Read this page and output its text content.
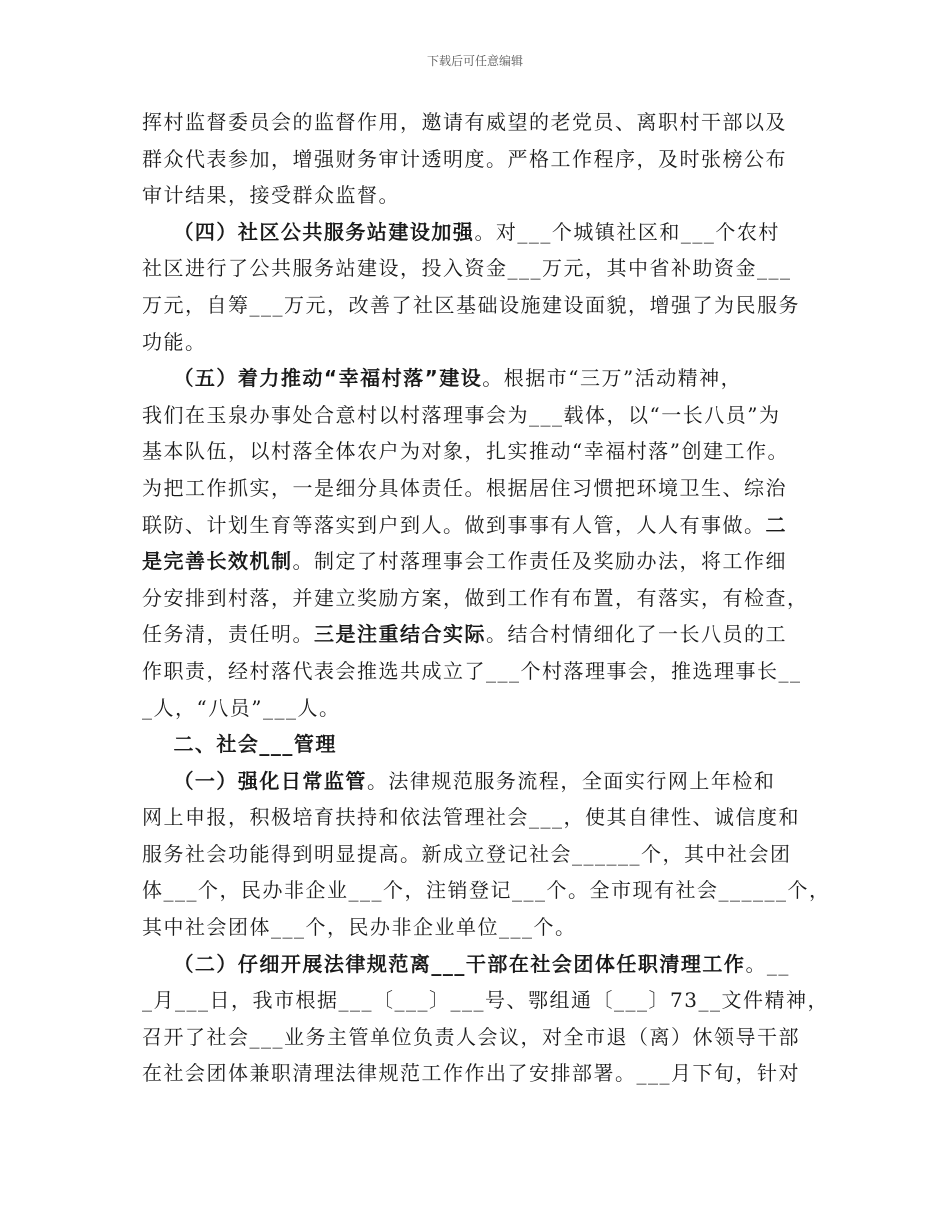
下载后可任意编辑
挥村监督委员会的监督作用，邀请有威望的老党员、离职村干部以及
群众代表参加，增强财务审计透明度。严格工作程序，及时张榜公布
审计结果，接受群众监督。
（四）社区公共服务站建设加强。对___个城镇社区和___个农村
社区进行了公共服务站建设，投入资金___万元，其中省补助资金___
万元，自筹___万元，改善了社区基础设施建设面貌，增强了为民服务
功能。
（五）着力推动“幸福村落”建设。根据市“三万”活动精神，
我们在玉泉办事处合意村以村落理事会为___载体，以“一长八员”为
基本队伍，以村落全体农户为对象，扎实推动“幸福村落”创建工作。
为把工作抓实，一是细分具体责任。根据居住习惯把环境卫生、综治
联防、计划生育等落实到户到人。做到事事有人管，人人有事做。二
是完善长效机制。制定了村落理事会工作责任及奖励办法，将工作细
分安排到村落，并建立奖励方案，做到工作有布置，有落实，有检查，
任务清，责任明。三是注重结合实际。结合村情细化了一长八员的工
作职责，经村落代表会推选共成立了___个村落理事会，推选理事长__
_人，“八员”___人。
二、社会___管理
（一）强化日常监管。法律规范服务流程，全面实行网上年检和
网上申报，积极培育扶持和依法管理社会___，使其自律性、诚信度和
服务社会功能得到明显提高。新成立登记社会______个，其中社会团
体___个，民办非企业___个，注销登记___个。全市现有社会______个，
其中社会团体___个，民办非企业单位___个。
（二）仔细开展法律规范离___干部在社会团体任职清理工作。__
_月___日，我市根据___〔___〕___号、鄂组通〔___〕73__文件精神，
召开了社会___业务主管单位负责人会议，对全市退（离）休领导干部
在社会团体兼职清理法律规范工作作出了安排部署。___月下旬，针对
